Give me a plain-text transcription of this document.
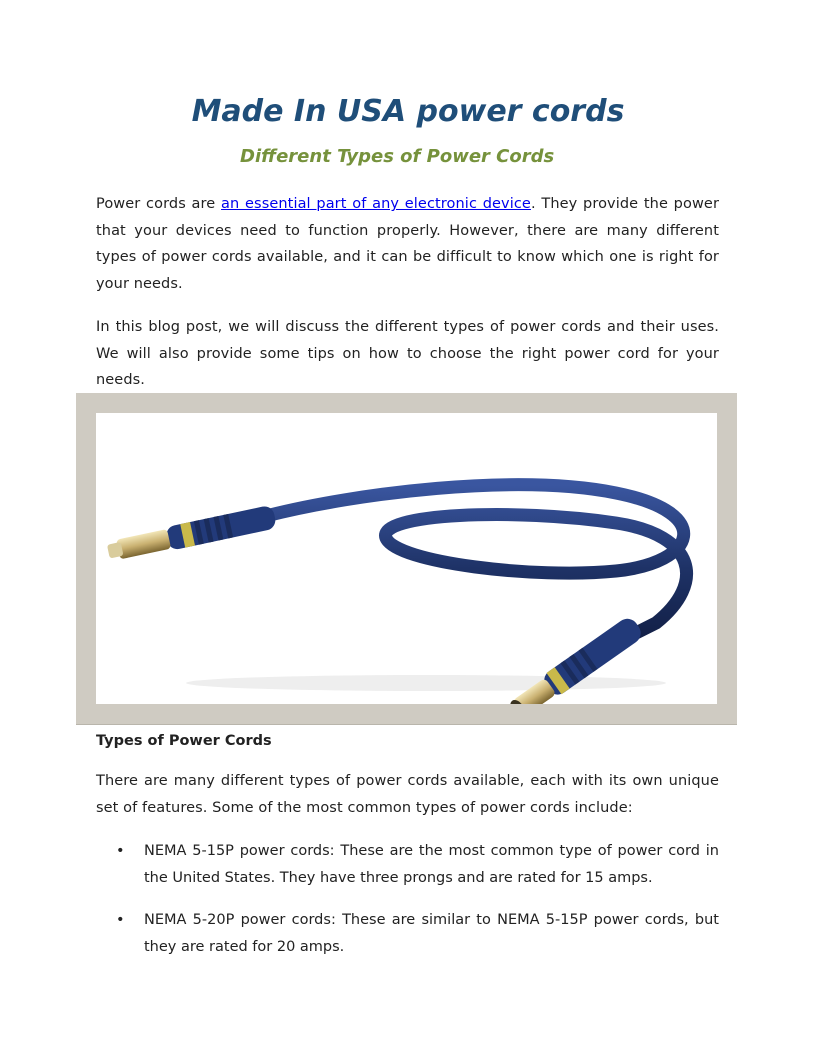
Made In USA power cords
Different Types of Power Cords

Power cords are an essential part of any electronic device. They provide the power that your devices need to function properly. However, there are many different types of power cords available, and it can be difficult to know which one is right for your needs.

In this blog post, we will discuss the different types of power cords and their uses. We will also provide some tips on how to choose the right power cord for your needs.

Types of Power Cords

There are many different types of power cords available, each with its own unique set of features. Some of the most common types of power cords include:

• NEMA 5-15P power cords: These are the most common type of power cord in the United States. They have three prongs and are rated for 15 amps.
• NEMA 5-20P power cords: These are similar to NEMA 5-15P power cords, but they are rated for 20 amps.
